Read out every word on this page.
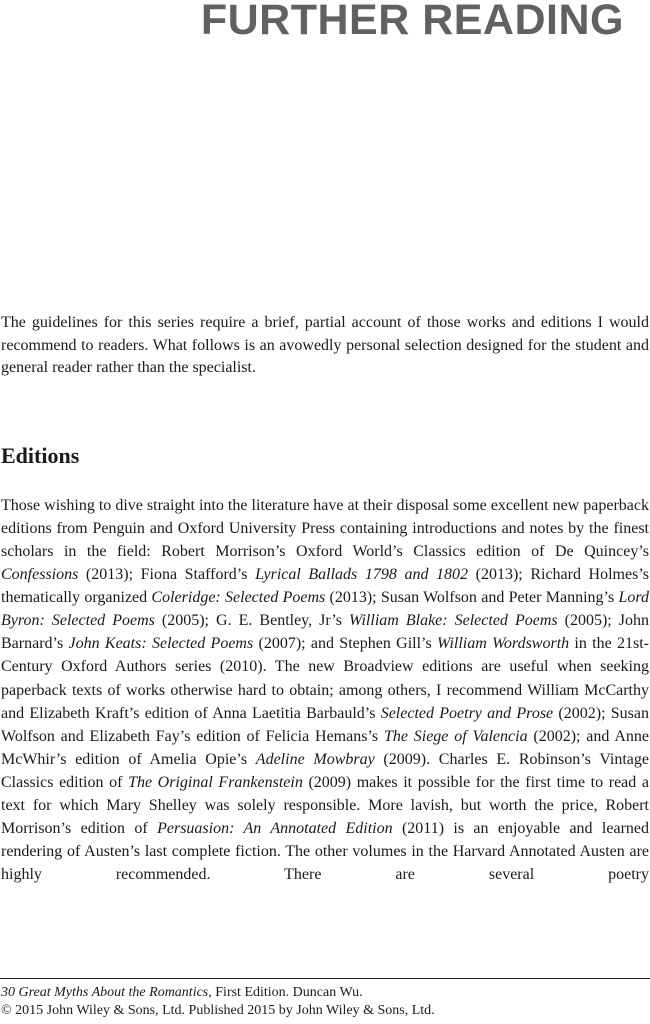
FURTHER READING

The guidelines for this series require a brief, partial account of those works and editions I would recommend to readers. What follows is an avowedly personal selection designed for the student and general reader rather than the specialist.

Editions

Those wishing to dive straight into the literature have at their disposal some excellent new paperback editions from Penguin and Oxford University Press containing introductions and notes by the finest scholars in the field: Robert Morrison’s Oxford World’s Classics edition of De Quincey’s Confessions (2013); Fiona Stafford’s Lyrical Ballads 1798 and 1802 (2013); Richard Holmes’s thematically organized Coleridge: Selected Poems (2013); Susan Wolfson and Peter Manning’s Lord Byron: Selected Poems (2005); G. E. Bentley, Jr’s William Blake: Selected Poems (2005); John Barnard’s John Keats: Selected Poems (2007); and Stephen Gill’s William Wordsworth in the 21st-Century Oxford Authors series (2010). The new Broadview editions are useful when seeking paperback texts of works otherwise hard to obtain; among others, I recommend William McCarthy and Elizabeth Kraft’s edition of Anna Laetitia Barbauld’s Selected Poetry and Prose (2002); Susan Wolfson and Elizabeth Fay’s edition of Felicia Hemans’s The Siege of Valencia (2002); and Anne McWhir’s edition of Amelia Opie’s Adeline Mowbray (2009). Charles E. Robinson’s Vintage Classics edition of The Original Frankenstein (2009) makes it possible for the first time to read a text for which Mary Shelley was solely responsible. More lavish, but worth the price, Robert Morrison’s edition of Persuasion: An Annotated Edition (2011) is an enjoyable and learned rendering of Austen’s last complete fiction. The other volumes in the Harvard Annotated Austen are highly recommended. There are several poetry

30 Great Myths About the Romantics, First Edition. Duncan Wu.
© 2015 John Wiley & Sons, Ltd. Published 2015 by John Wiley & Sons, Ltd.
